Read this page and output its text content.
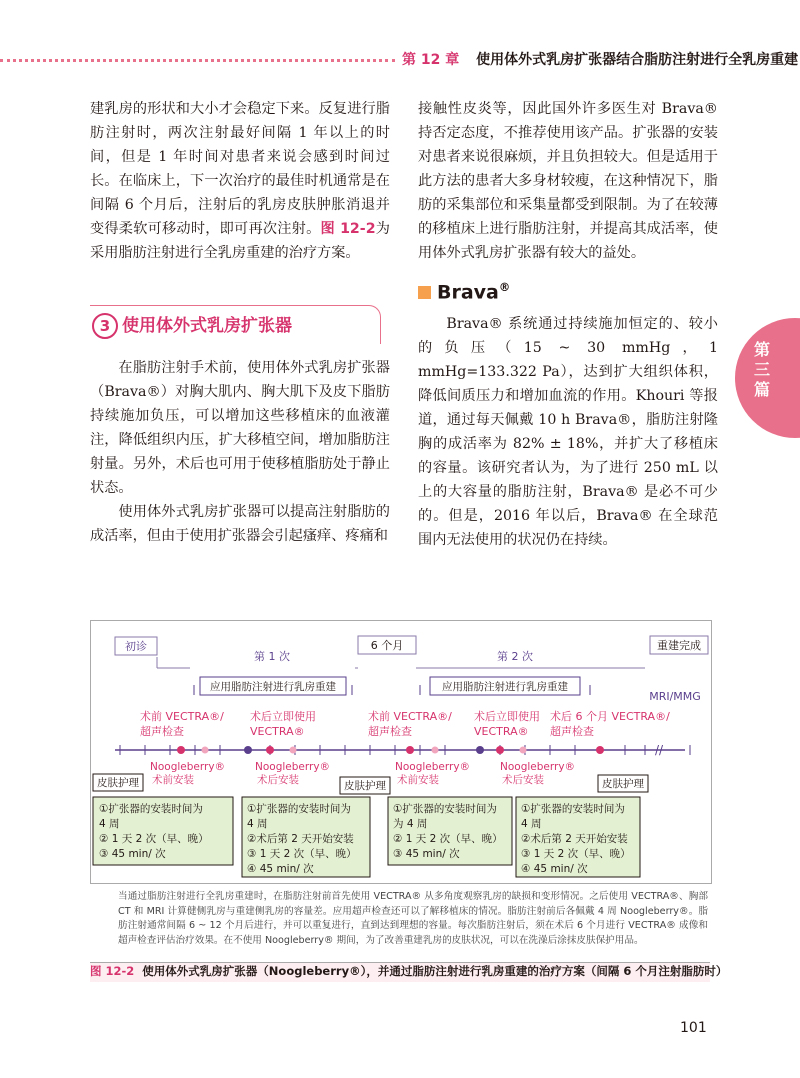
第 12 章 使用体外式乳房扩张器结合脂肪注射进行全乳房重建
第三篇
建乳房的形状和大小才会稳定下来。反复进行脂肪注射时，两次注射最好间隔 1 年以上的时间，但是 1 年时间对患者来说会感到时间过长。在临床上，下一次治疗的最佳时机通常是在间隔 6 个月后，注射后的乳房皮肤肿胀消退并变得柔软可移动时，即可再次注射。图 12-2为采用脂肪注射进行全乳房重建的治疗方案。
3 使用体外式乳房扩张器
在脂肪注射手术前，使用体外式乳房扩张器（Brava®）对胸大肌内、胸大肌下及皮下脂肪持续施加负压，可以增加这些移植床的血液灌注，降低组织内压，扩大移植空间，增加脂肪注射量。另外，术后也可用于使移植脂肪处于静止状态。
使用体外式乳房扩张器可以提高注射脂肪的成活率，但由于使用扩张器会引起瘙痒、疼痛和
接触性皮炎等，因此国外许多医生对 Brava® 持否定态度，不推荐使用该产品。扩张器的安装对患者来说很麻烦，并且负担较大。但是适用于此方法的患者大多身材较瘦，在这种情况下，脂肪的采集部位和采集量都受到限制。为了在较薄的移植床上进行脂肪注射，并提高其成活率，使用体外式乳房扩张器有较大的益处。
Brava®
Brava® 系统通过持续施加恒定的、较小的负压（15 ~ 30 mmHg，1 mmHg=133.322 Pa），达到扩大组织体积，降低间质压力和增加血流的作用。Khouri 等报道，通过每天佩戴 10 h Brava®，脂肪注射隆胸的成活率为 82% ± 18%，并扩大了移植床的容量。该研究者认为，为了进行 250 mL 以上的大容量的脂肪注射，Brava® 是必不可少的。但是，2016 年以后，Brava® 在全球范围内无法使用的状况仍在持续。
初诊
第 1 次
6 个月
第 2 次
重建完成
应用脂肪注射进行乳房重建	应用脂肪注射进行乳房重建
MRI/MMG
术前 VECTRA®/
超声检查
术后立即使用
VECTRA®
术前 VECTRA®/
超声检查
术后立即使用
VECTRA®
术后 6 个月 VECTRA®/
超声检查
//
Noogleberry®
术前安装
Noogleberry®
术后安装
Noogleberry®
术前安装
Noogleberry®
术后安装
皮肤护理	皮肤护理	皮肤护理
①扩张器的安装时间为
4 周
② 1 天 2 次（早、晚）
③ 45 min/ 次
①扩张器的安装时间为
4 周
②术后第 2 天开始安装
③ 1 天 2 次（早、晚）
④ 45 min/ 次
①扩张器的安装时间为
为 4 周
② 1 天 2 次（早、晚）
③ 45 min/ 次
①扩张器的安装时间为
4 周
②术后第 2 天开始安装
③ 1 天 2 次（早、晚）
④ 45 min/ 次
当通过脂肪注射进行全乳房重建时，在脂肪注射前首先使用 VECTRA® 从多角度观察乳房的缺损和变形情况。之后使用 VECTRA®、胸部 CT 和 MRI 计算健侧乳房与重建侧乳房的容量差。应用超声检查还可以了解移植床的情况。脂肪注射前后各佩戴 4 周 Noogleberry®。脂肪注射通常间隔 6 ~ 12 个月后进行，并可以重复进行，直到达到理想的容量。每次脂肪注射后，须在术后 6 个月进行 VECTRA® 成像和超声检查评估治疗效果。在不使用 Noogleberry® 期间，为了改善重建乳房的皮肤状况，可以在洗澡后涂抹皮肤保护用品。
图 12-2 使用体外式乳房扩张器（Noogleberry®），并通过脂肪注射进行乳房重建的治疗方案（间隔 6 个月注射脂肪时）
101
